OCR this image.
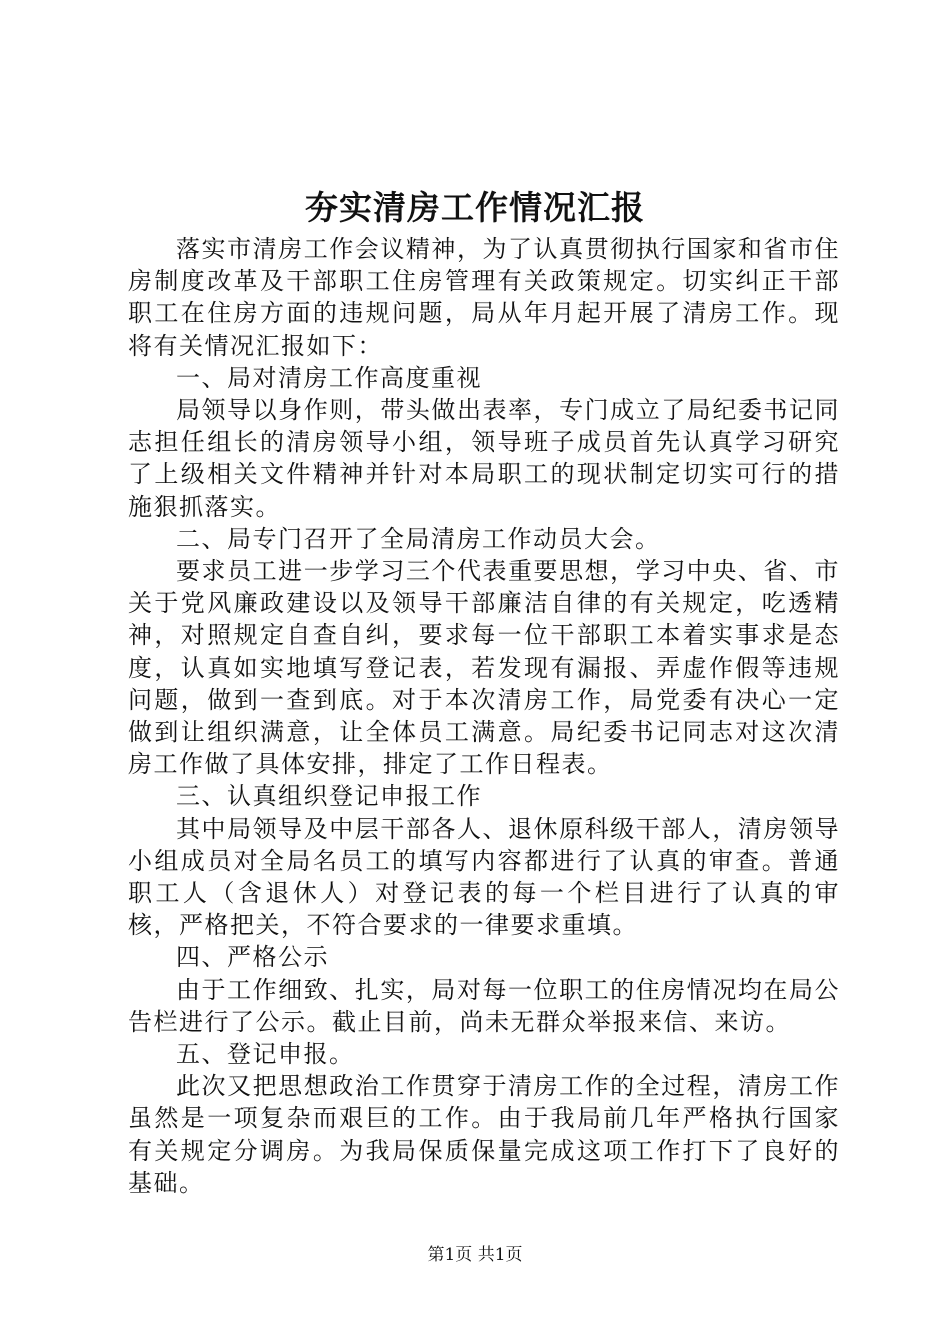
夯实清房工作情况汇报

落实市清房工作会议精神，为了认真贯彻执行国家和省市住房制度改革及干部职工住房管理有关政策规定。切实纠正干部职工在住房方面的违规问题，局从年月起开展了清房工作。现将有关情况汇报如下：

一、局对清房工作高度重视

局领导以身作则，带头做出表率，专门成立了局纪委书记同志担任组长的清房领导小组，领导班子成员首先认真学习研究了上级相关文件精神并针对本局职工的现状制定切实可行的措施狠抓落实。

二、局专门召开了全局清房工作动员大会。

要求员工进一步学习三个代表重要思想，学习中央、省、市关于党风廉政建设以及领导干部廉洁自律的有关规定，吃透精神，对照规定自查自纠，要求每一位干部职工本着实事求是态度，认真如实地填写登记表，若发现有漏报、弄虚作假等违规问题，做到一查到底。对于本次清房工作，局党委有决心一定做到让组织满意，让全体员工满意。局纪委书记同志对这次清房工作做了具体安排，排定了工作日程表。

三、认真组织登记申报工作

其中局领导及中层干部各人、退休原科级干部人，清房领导小组成员对全局名员工的填写内容都进行了认真的审查。普通职工人（含退休人）对登记表的每一个栏目进行了认真的审核，严格把关，不符合要求的一律要求重填。

四、严格公示

由于工作细致、扎实，局对每一位职工的住房情况均在局公告栏进行了公示。截止目前，尚未无群众举报来信、来访。

五、登记申报。

此次又把思想政治工作贯穿于清房工作的全过程，清房工作虽然是一项复杂而艰巨的工作。由于我局前几年严格执行国家有关规定分调房。为我局保质保量完成这项工作打下了良好的基础。

第1页 共1页
